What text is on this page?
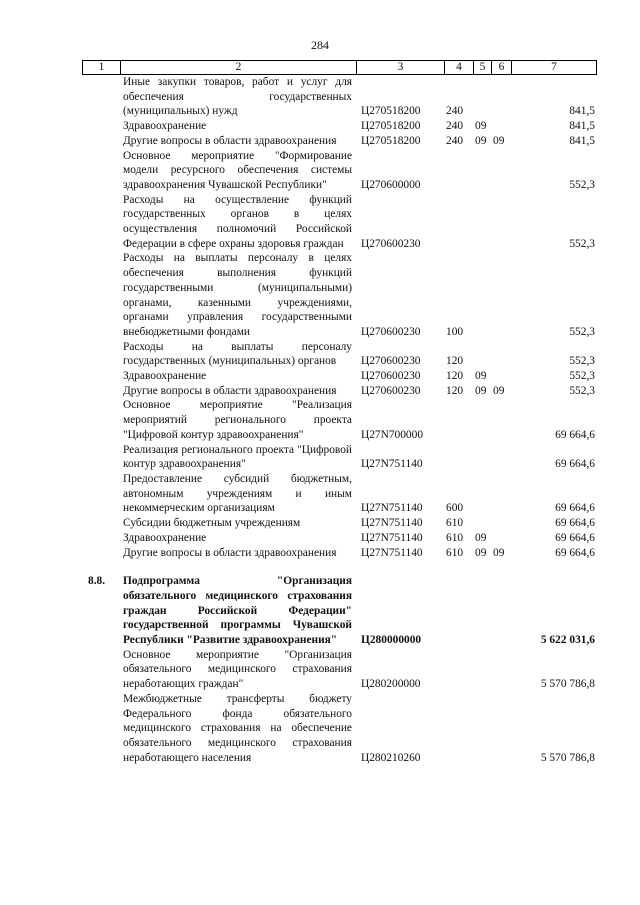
284
1	2	3	4	5	6	7
Иные закупки товаров, работ и услуг для обеспечения государственных (муниципальных) нужд	Ц270518200	240	841,5
Здравоохранение	Ц270518200	240	09	841,5
Другие вопросы в области здравоохранения	Ц270518200	240	09 09	841,5
Основное мероприятие "Формирование модели ресурсного обеспечения системы здравоохранения Чувашской Республики"	Ц270600000	552,3
Расходы на осуществление функций государственных органов в целях осуществления полномочий Российской Федерации в сфере охраны здоровья граждан	Ц270600230	552,3
Расходы на выплаты персоналу в целях обеспечения выполнения функций государственными (муниципальными) органами, казенными учреждениями, органами управления государственными внебюджетными фондами	Ц270600230	100	552,3
Расходы на выплаты персоналу государственных (муниципальных) органов	Ц270600230	120	552,3
Здравоохранение	Ц270600230	120	09	552,3
Другие вопросы в области здравоохранения	Ц270600230	120	09 09	552,3
Основное мероприятие "Реализация мероприятий регионального проекта "Цифровой контур здравоохранения"	Ц27N700000	69 664,6
Реализация регионального проекта "Цифровой контур здравоохранения"	Ц27N751140	69 664,6
Предоставление субсидий бюджетным, автономным учреждениям и иным некоммерческим организациям	Ц27N751140	600	69 664,6
Субсидии бюджетным учреждениям	Ц27N751140	610	69 664,6
Здравоохранение	Ц27N751140	610	09	69 664,6
Другие вопросы в области здравоохранения	Ц27N751140	610	09 09	69 664,6
8.8.	Подпрограмма "Организация обязательного медицинского страхования граждан Российской Федерации" государственной программы Чувашской Республики "Развитие здравоохранения"	Ц280000000	5 622 031,6
Основное мероприятие "Организация обязательного медицинского страхования неработающих граждан"	Ц280200000	5 570 786,8
Межбюджетные трансферты бюджету Федерального фонда обязательного медицинского страхования на обеспечение обязательного медицинского страхования неработающего населения	Ц280210260	5 570 786,8
